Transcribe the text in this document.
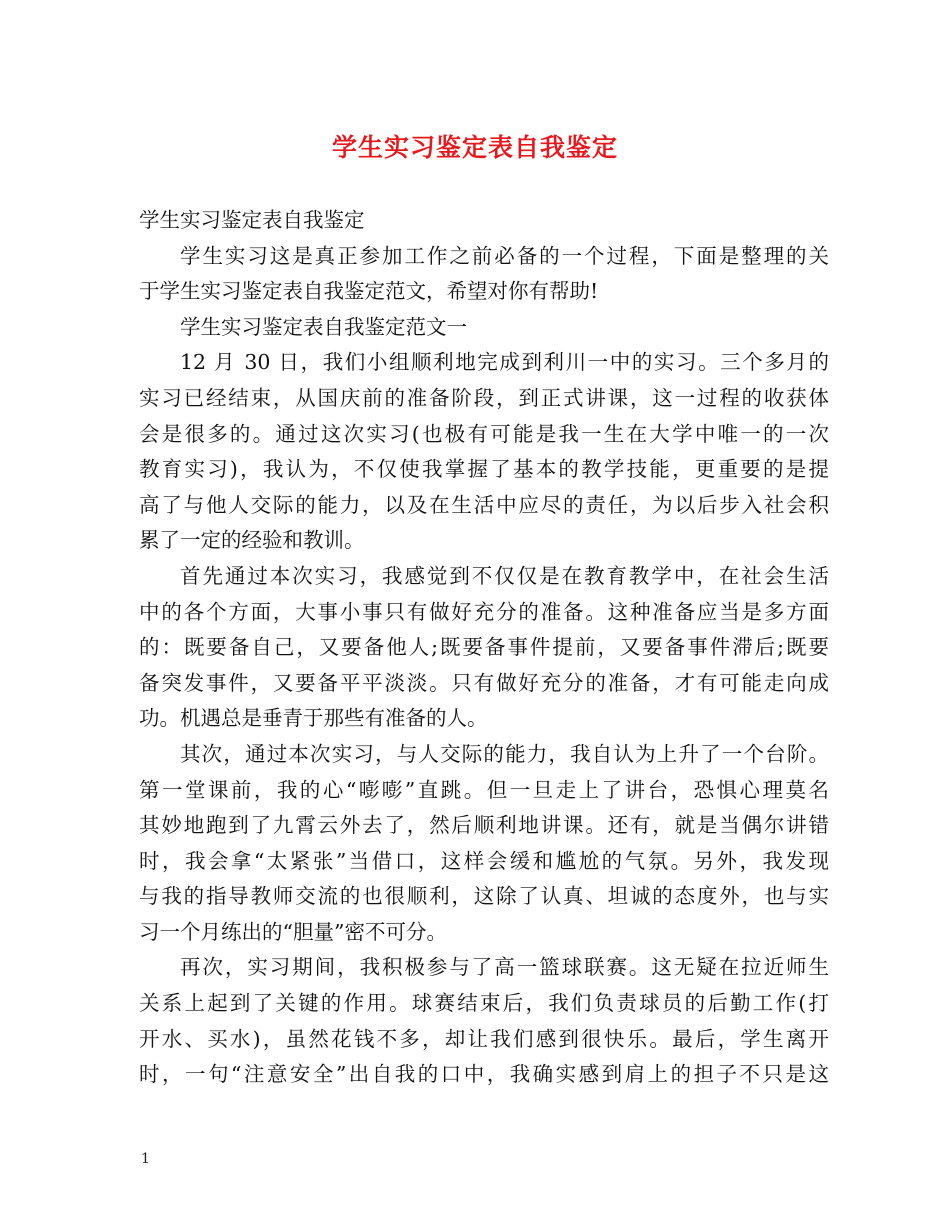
学生实习鉴定表自我鉴定
学生实习鉴定表自我鉴定
学生实习这是真正参加工作之前必备的一个过程，下面是整理的关
于学生实习鉴定表自我鉴定范文，希望对你有帮助!
学生实习鉴定表自我鉴定范文一
12 月 30 日，我们小组顺利地完成到利川一中的实习。三个多月的
实习已经结束，从国庆前的准备阶段，到正式讲课，这一过程的收获体
会是很多的。通过这次实习(也极有可能是我一生在大学中唯一的一次
教育实习)，我认为，不仅使我掌握了基本的教学技能，更重要的是提
高了与他人交际的能力，以及在生活中应尽的责任，为以后步入社会积
累了一定的经验和教训。
首先通过本次实习，我感觉到不仅仅是在教育教学中，在社会生活
中的各个方面，大事小事只有做好充分的准备。这种准备应当是多方面
的：既要备自己，又要备他人;既要备事件提前，又要备事件滞后;既要
备突发事件，又要备平平淡淡。只有做好充分的准备，才有可能走向成
功。机遇总是垂青于那些有准备的人。
其次，通过本次实习，与人交际的能力，我自认为上升了一个台阶。
第一堂课前，我的心“嘭嘭”直跳。但一旦走上了讲台，恐惧心理莫名
其妙地跑到了九霄云外去了，然后顺利地讲课。还有，就是当偶尔讲错
时，我会拿“太紧张”当借口，这样会缓和尴尬的气氛。另外，我发现
与我的指导教师交流的也很顺利，这除了认真、坦诚的态度外，也与实
习一个月练出的“胆量”密不可分。
再次，实习期间，我积极参与了高一篮球联赛。这无疑在拉近师生
关系上起到了关键的作用。球赛结束后，我们负责球员的后勤工作(打
开水、买水)，虽然花钱不多，却让我们感到很快乐。最后，学生离开
时，一句“注意安全”出自我的口中，我确实感到肩上的担子不只是这
1
